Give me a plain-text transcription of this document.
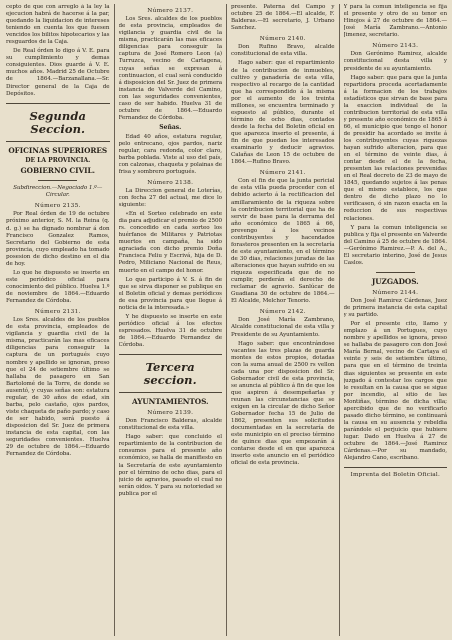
cepto de que con arreglo á la ley la ejecucion habrá de hacerse á la par, quedando la liquidacion de intereses teniendo en cuenta los que fuesen vencidos los bilitos hipotecarios y las resguardos de la Caja.

De Real órden lo digo á V. E. para su cumplimiento y demas consiguientes. Dios guarde á V. E. muchos años. Madrid 25 de Octubre de 1864.—Barzanallana.—Sr. Director general de la Caja de Depósitos.

Segunda Seccion.
OFICINAS SUPERIORES
DE LA PROVINCIA.
GOBIERNO CIVIL.
Subdireccion.—Negociado 1.º—Circular.
Número 2135.

Por Real órden de 19 de octubre próximo anterior, S. M. la Reina (q. d. g.) se ha dignado nombrar á don Francisco Gonzalez Ramos, Secretario del Gobierno de esta provincia, cuyo empleado ha tomado posesion de dicho destino en el dia de hoy.

Lo que he dispuesto se inserte en este periódico oficial para conocimiento del público. Huelva 1.º de noviembre de 1864.—Eduardo Fernandez de Córdoba.

Número 2131.

Los Sres. alcaldes de los pueblos de esta provincia, empleados de vigilancia y guardia civil de la misma, practicarán las mas eficaces diligencias para conseguir la captura de un portugués cuyo nombre y apellido se ignoran, preso que el 24 de setiembre último se hallaba de pasagero en San Bartolomé de la Torre, de donde se ausentó, y cuyas señas son: estatura regular, de 30 años de edad, sin barba, pelo castaño, ojos pardos, viste chaqueta de paño pardo; y caso de ser habido, será puesto á disposicion del Sr. Juez de primera instancia de esta capital, con las seguridades convenientes. Huelva 29 de octubre de 1864.—Eduardo Fernandez de Córdoba.

Número 2137.

Los Sres. alcaldes de los pueblos de esta provincia, empleados de vigilancia y guardia civil de la misma, practicarán las mas eficaces diligencias para conseguir la captura de José Romero Leon (a) Turruzca, vecino de Cartagena, cuyas señas se expresan á continuacion, el cual será conducido á disposicion del Sr. Juez de primera instancia de Valverde del Camino, con las seguridades convenientes, caso de ser habido. Huelva 31 de octubre de 1864.—Eduardo Fernandez de Córdoba.

Señas.

Edad 40 años, estatura regular, pelo entrecano, ojos pardos, nariz regular, cara redonda, color claro, barba poblada. Viste al uso del país, con calzonas, chaqueta y polainas de frisa y sombrero portugués.

Número 2138.

La Direccion general de Loterías, con fecha 27 del actual, me dice lo siguiente:

«En el Sorteo celebrado en este dia para adjudicar el premio de 2500 rs. concedido en cada sorteo los huérfanos de Militares y Patriotas muertos en campaña, ha sido agraciada con dicho premio Doña Francisca Feliu y Escrivá, hija de D. Pedro, Miliciano Nacional de Reus, muerto en el campo del honor.

Lo que participo á V. S. á fin de que se sirva disponer se publique en el Boletin oficial y demas periódicos de esa provincia para que llegue á noticia de la interesada.»

Y he dispuesto se inserte en este periódico oficial á los efectos espresados. Huelva 31 de octubre de 1864.—Eduardo Fernandez de Córdoba.

Tercera seccion.
AYUNTAMIENTOS.
Número 2139.

Don Francisco Balderas, alcalde constitucional de esta villa.

Hago saber: que concluido el repartimiento de la contribucion de consumos para el presente año económico, se halla de manifiesto en la Secretaría de este ayuntamiento por el término de ocho dias, para el juicio de agravios, pasado el cual no serán oidos. Y para su notoriedad se publica por el

presente. Paterna del Campo y octubre 25 de 1864.—El alcalde, F. Balderas.—El secretario, J. Urbano Sanchez.

Número 2140.

Don Rufino Bravo, alcalde constitucional de esta villa.

Hago saber: que el repartimiento de la contribucion de inmuebles, cultivo y ganadería de esta villa, respectivo al recargo de la cantidad que ha correspondido á la misma por el aumento de los treinta millones, se encuentra terminado y espuesto al público, durante el término de ocho dias, contados desde la fecha del Boletin oficial en que aparezca inserto el presente, á fin de que puedan los interesados examinarlo y deducir agravios. Calañas de Leon 15 de octubre de 1864.—Rufino Bravo.

Número 2141.

Con el fin de que la junta pericial de esta villa pueda proceder con el debido acierto á la rectificacion del amillaramiento de la riqueza sobre la contribucion territorial que ha de servir de base para la derrama del año económico de 1865 á 66, prevengo á los vecinos contribuyentes y hacendados forasteros presenten en la secretaría de este ayuntamiento, en el término de 30 dias, relaciones juradas de las alteraciones que hayan sufrido en su riqueza especificada que de no cumplir, perderán el derecho de reclamar de agravio. Sanlúcar de Guadiana 30 de octubre de 1864.—El Alcalde, Melchor Tenorio.

Número 2142.

Don José María Zambrano, Alcalde constitucional de esta villa y Presidente de su Ayuntamiento.

Hago saber: que encontrándose vacantes las tres plazas de guarda montes de estos propios, dotadas con la suma anual de 2500 rs vellon cada una por disposicion del Sr. Gobernador civil de esta provincia, se anuncia al público á fin de que los que aspiren á desempeñarlas y reunan las circunstancias que se exigen en la circular de dicho Señor Gobernador fecha 15 de Julio de 1862, presenten sus solicitudes documentadas en la secretaría de este municipio en el preciso término de quince dias que empezarán á contarse desde el en que aparezca inserto este anuncio en el periódico oficial de esta provincia.

Y para la comun inteligencia se fija el presente y otro de su tenor en Hinojos á 27 de octubre de 1864.—José María Zambrano.—Antonio Jimenez, secretario.

Número 2143.

Don Gerónimo Ramirez, alcalde constitucional desta villa y presidente de su ayuntamiento.

Hago saber: que para que la junta repartidora proceda acertadamente á la formacion de los trabajos estadísticos que sirvan de base para la exaccion individual de la contribucion territorial de esta villa y presente año económico de 1865 á 66, el municipio que tengo el honor de presidir ha acordado se invite á los contribuyentes cuyas riquezas hayan sufrido alteracion, para que en el término de veinte dias, á contar desde el de la fecha, presenten las relaciones prevenidas en el Real decreto de 23 de mayo de 1845, quedando sujetos á las penas que el mismo establece, los que dentro de dicho plazo no lo verificasen, ó sin razon exacta en la reduccion de sus respectivas relaciones.

Y para la comun inteligencia se publica y fija el presente en Valverde del Camino á 25 de octubre de 1864.—Gerónimo Ramirez.—P. A. del A., El secretario interino, José de Jesus Caslos.

JUZGADOS.
Número 2144.

Don José Ramirez Cárdenas, Juez de primera instancia de esta capital y su partido.

Por el presente cito, llamo y emplazo á un Portugues, cuyo nombre y apellidos se ignora, preso se hallaba de pasagero con don José María Bernal, vecino de Cartaya el veinte y seis de setiembre último, para que en el término de treinta dias siguientes se presente en este juzgado á contestar los cargos que le resultan en la causa que se sigue por incendio, al sitio de las Montiñas, término de dicha villa; apercibido que de no verificarlo pasado dicho término, se continuará la causa en su ausencia y rebeldia parándole el perjuicio que hubiere lugar. Dado en Huelva á 27 de octubre de 1864.—José Ramirez Cárdenas.—Por su mandado, Alejandro Cano, escribano.

Imprenta del Boletin Oficial.
